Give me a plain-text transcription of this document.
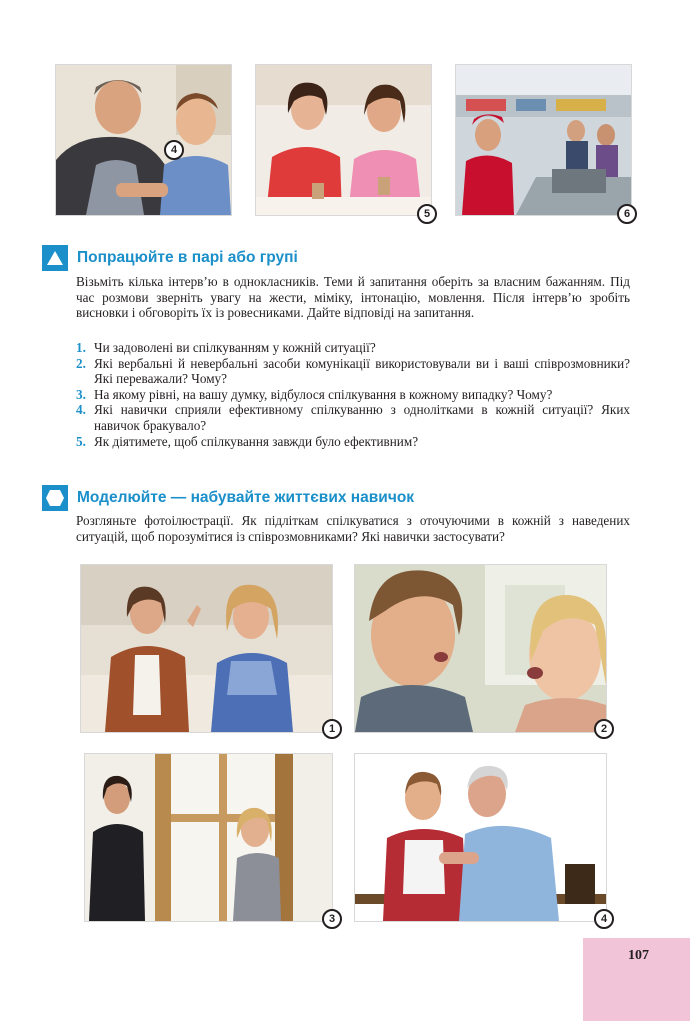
4
5	6
Попрацюйте в парі або групі

Візьміть кілька інтерв’ю в однокласників. Теми й запитання оберіть за власним бажанням. Під час розмови зверніть увагу на жести, міміку, інтонацію, мовлення. Після інтерв’ю зробіть висновки і обговоріть їх із ровесниками. Дайте відповіді на запитання.

1. Чи задоволені ви спілкуванням у кожній ситуації?
2. Які вербальні й невербальні засоби комунікації використовували ви і ваші співрозмовники? Які переважали? Чому?
3. На якому рівні, на вашу думку, відбулося спілкування в кожному випадку? Чому?
4. Які навички сприяли ефективному спілкуванню з однолітками в кожній ситуації? Яких навичок бракувало?
5. Як діятимете, щоб спілкування завжди було ефективним?
Моделюйте — набувайте життєвих навичок

Розгляньте фотоілюстрації. Як підліткам спілкуватися з оточуючими в кожній з наведених ситуацій, щоб порозумітися із співрозмовниками? Які навички застосувати?

1	2
3	4
107
